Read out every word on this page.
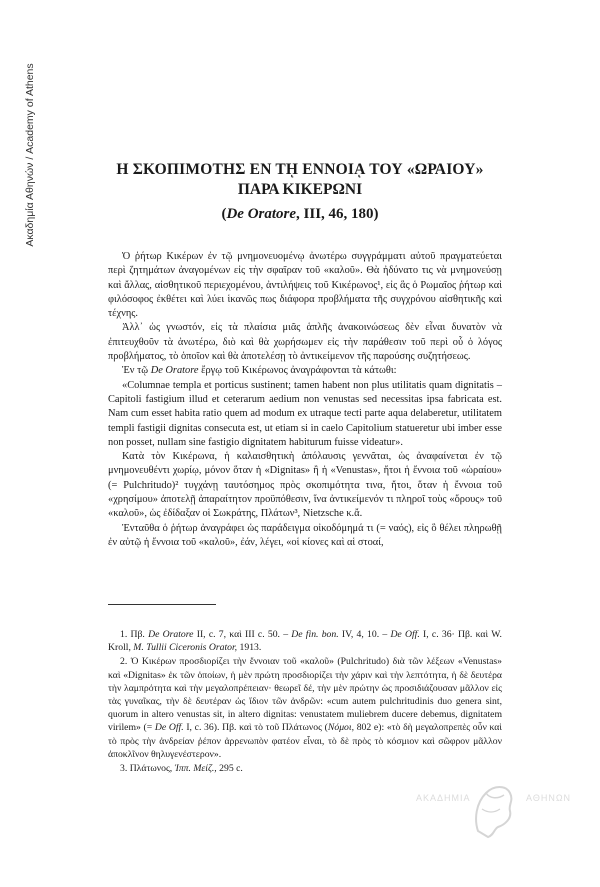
Ακαδημία Αθηνών / Academy of Athens	Η ΣΚΟΠΙΜΟΤΗΣ ΕΝ Τῌ ΕΝΝΟΙᾼ ΤΟΥ «ΩΡΑΙΟΥ»
ΠΑΡΑ ΚΙΚΕΡΩΝΙ
(De Oratore, III, 46, 180)

Ὁ ῥήτωρ Κικέρων ἐν τῷ μνημονευομένῳ ἀνωτέρω συγγράμματι αὐτοῦ πραγματεύεται περὶ ζητημάτων ἀναγομένων εἰς τὴν σφαῖραν τοῦ «καλοῦ». Θὰ ἠδύνατο τις νὰ μνημονεύσῃ καὶ ἄλλας, αἰσθητικοῦ περιεχομένου, ἀντιλήψεις τοῦ Κικέρωνος¹, εἰς ἃς ὁ Ρωμαῖος ῥήτωρ καὶ φιλόσοφος ἐκθέτει καὶ λύει ἱκανῶς πως διάφορα προβλήματα τῆς συγχρόνου αἰσθητικῆς καὶ τέχνης.

Ἀλλ᾽ ὡς γνωστόν, εἰς τὰ πλαίσια μιᾶς ἁπλῆς ἀνακοινώσεως δὲν εἶναι δυνατὸν νὰ ἐπιτευχθοῦν τὰ ἀνωτέρω, διὸ καὶ θὰ χωρήσωμεν εἰς τὴν παράθεσιν τοῦ περὶ οὗ ὁ λόγος προβλήματος, τὸ ὁποῖον καὶ θὰ ἀποτελέσῃ τὸ ἀντικείμενον τῆς παρούσης συζητήσεως.

Ἐν τῷ De Oratore ἔργῳ τοῦ Κικέρωνος ἀναγράφονται τὰ κάτωθι:

«Columnae templa et porticus sustinent; tamen habent non plus utilitatis quam dignitatis – Capitoli fastigium illud et ceterarum aedium non venustas sed necessitas ipsa fabricata est. Nam cum esset habita ratio quem ad modum ex utraque tecti parte aqua delaberetur, utilitatem templi fastigii dignitas consecuta est, ut etiam si in caelo Capitolium statueretur ubi imber esse non posset, nullam sine fastigio dignitatem habiturum fuisse videatur».

Κατὰ τὸν Κικέρωνα, ἡ καλαισθητικὴ ἀπόλαυσις γεννᾶται, ὡς ἀναφαίνεται ἐν τῷ μνημονευθέντι χωρίῳ, μόνον ὅταν ἡ «Dignitas» ἢ ἡ «Venustas», ἤτοι ἡ ἔννοια τοῦ «ὡραίου» (= Pulchritudo)² τυγχάνῃ ταυτόσημος πρὸς σκοπιμότητα τινα, ἤτοι, ὅταν ἡ ἔννοια τοῦ «χρησίμου» ἀποτελῇ ἀπαραίτητον προϋπόθεσιν, ἵνα ἀντικείμενόν τι πληροῖ τοὺς «ὅρους» τοῦ «καλοῦ», ὡς ἐδίδαξαν οἱ Σωκράτης, Πλάτων³, Nietzsche κ.ἄ.

Ἐνταῦθα ὁ ῥήτωρ ἀναγράφει ὡς παράδειγμα οἰκοδόμημά τι (= ναός), εἰς ὃ θέλει πληρωθῇ ἐν αὐτῷ ἡ ἔννοια τοῦ «καλοῦ», ἐάν, λέγει, «οἱ κίονες καὶ αἱ στοαί,

1. Πβ. De Oratore II, c. 7, καὶ III c. 50. – De fin. bon. IV, 4, 10. – De Off. I, c. 36· Πβ. καὶ W. Kroll, M. Tullii Ciceronis Orator, 1913.

2. Ὁ Κικέρων προσδιορίζει τὴν ἔννοιαν τοῦ «καλοῦ» (Pulchritudo) διὰ τῶν λέξεων «Venustas» καὶ «Dignitas» ἐκ τῶν ὁποίων, ἡ μὲν πρώτη προσδιορίζει τὴν χάριν καὶ τὴν λεπτότητα, ἡ δὲ δευτέρα τὴν λαμπρότητα καὶ τὴν μεγαλοπρέπειαν· θεωρεῖ δέ, τὴν μὲν πρώτην ὡς προσιδιάζουσαν μᾶλλον εἰς τὰς γυναῖκας, τὴν δὲ δευτέραν ὡς ἴδιον τῶν ἀνδρῶν: «cum autem pulchritudinis duo genera sint, quorum in altero venustas sit, in altero dignitas: venustatem muliebrem ducere debemus, dignitatem virilem» (= De Off. I, c. 36). Πβ. καὶ τὸ τοῦ Πλάτωνος (Νόμοι, 802 e): «τὸ δὴ μεγαλοπρεπὲς οὖν καὶ τὸ πρὸς τὴν ἀνδρείαν ῥέπον ἀρρενωπὸν φατέον εἶναι, τὸ δὲ πρὸς τὸ κόσμιον καὶ σῶφρον μᾶλλον ἀποκλῖνον θηλυγενέστερον».

3. Πλάτωνος, Ἱππ. Μείζ., 295 c.

ΑΚΑΔΗΜΙΑ	ΑΘΗΝΩΝ
